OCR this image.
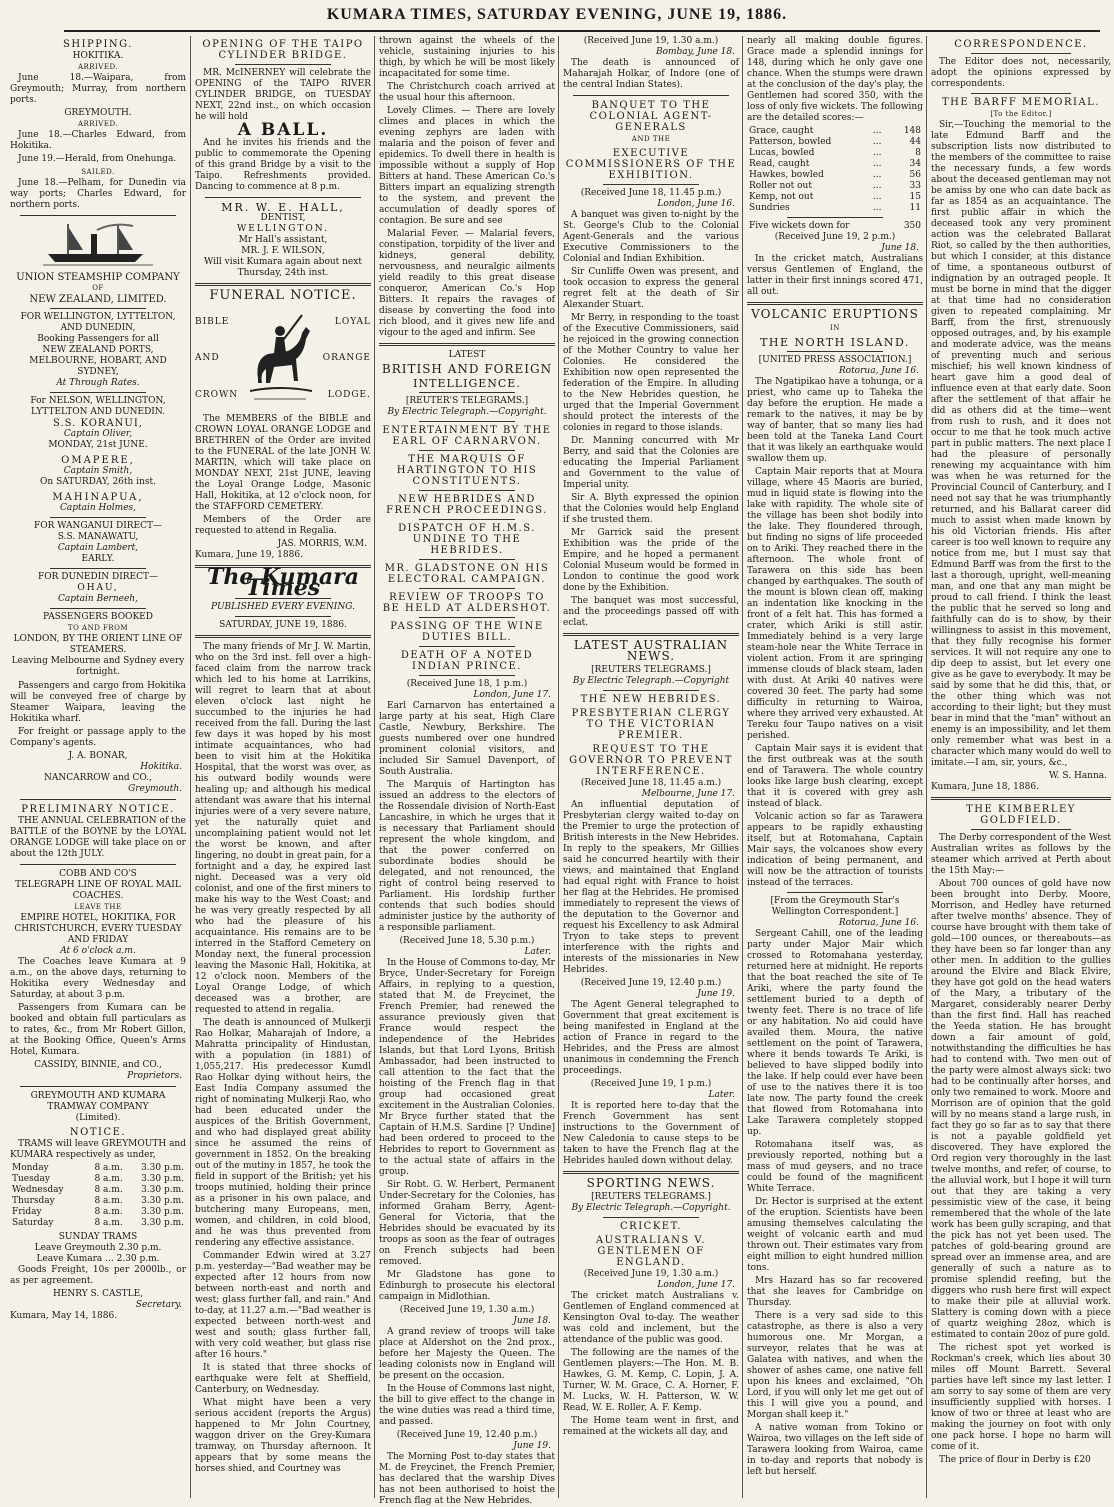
KUMARA TIMES, SATURDAY EVENING, JUNE 19, 1886.
SHIPPING.
HOKITIKA.
ARRIVED.
June 18.—Waipara, from Greymouth; Murray, from northern ports.
GREYMOUTH.
ARRIVED.
June 18.—Charles Edward, from Hokitika.
June 19.—Herald, from Onehunga.
SAILED.
June 18.—Pelham, for Dunedin via way ports; Charles Edward, for northern ports.
UNION STEAMSHIP COMPANY
OF
NEW ZEALAND, LIMITED.
FOR WELLINGTON, LYTTELTON, AND DUNEDIN,
Booking Passengers for all
NEW ZEALAND PORTS, MELBOURNE, HOBART, AND SYDNEY,
At Through Rates.
For NELSON, WELLINGTON, LYTTELTON AND DUNEDIN.
S.S. KORANUI,
Captain Oliver,
MONDAY, 21st JUNE.
OMAPERE,
Captain Smith,
On SATURDAY, 26th inst.
MAHINAPUA,
Captain Holmes,
FOR WANGANUI DIRECT—
S.S. MANAWATU,
Captain Lambert,
EARLY.
FOR DUNEDIN DIRECT—
OHAU,
Captain Berneeh,
PASSENGERS BOOKED
TO AND FROM
LONDON, BY THE ORIENT LINE OF STEAMERS.
Leaving Melbourne and Sydney every fortnight.
Passengers and cargo from Hokitika will be conveyed free of charge by Steamer Waipara, leaving the Hokitika wharf.
For freight or passage apply to the Company's agents.
J. A. BONAR,
Hokitika.
NANCARROW and CO.,
Greymouth.
PRELIMINARY NOTICE.
THE ANNUAL CELEBRATION of the BATTLE of the BOYNE by the LOYAL ORANGE LODGE will take place on or about the 12th JULY.
COBB AND CO'S
TELEGRAPH LINE OF ROYAL MAIL COACHES.
LEAVE THE
EMPIRE HOTEL, HOKITIKA, FOR CHRISTCHURCH, EVERY TUESDAY AND FRIDAY
At 6 o'clock a.m.
The Coaches leave Kumara at 9 a.m., on the above days, returning to Hokitika every Wednesday and Saturday, at about 3 p.m.
Passengers from Kumara can be booked and obtain full particulars as to rates, &c., from Mr Robert Gillon, at the Booking Office, Queen's Arms Hotel, Kumara.
CASSIDY, BINNIE, and CO.,
Proprietors.
GREYMOUTH AND KUMARA TRAMWAY COMPANY
(Limited).
NOTICE.
TRAMS will leave GREYMOUTH and KUMARA respectively as under,
Monday	8 a.m.	3.30 p.m.
Tuesday	8 a.m.	3.30 p.m.
Wednesday	8 a.m.	3.30 p.m.
Thursday	8 a.m.	3.30 p.m.
Friday	8 a.m.	3.30 p.m.
Saturday	8 a.m.	3.30 p.m.
SUNDAY TRAMS
Leave Greymouth 2.30 p.m.
Leave Kumara ... 2.30 p.m.
Goods Freight, 10s per 2000lb., or as per agreement.
HENRY S. CASTLE,
Secretary.
Kumara, May 14, 1886.
OPENING OF THE TAIPO CYLINDER BRIDGE.
MR. McINERNEY will celebrate the OPENING of the TAIPO RIVER CYLINDER BRIDGE, on TUESDAY NEXT, 22nd inst., on which occasion he will hold
A BALL.
And he invites his friends and the public to commemorate the Opening of this grand Bridge by a visit to the Taipo. Refreshments provided. Dancing to commence at 8 p.m.
MR. W. E. HALL,
DENTIST,
WELLINGTON.
Mr Hall's assistant,
MR. J. F. WILSON,
Will visit Kumara again about next Thursday, 24th inst.
FUNERAL NOTICE.
BIBLE
AND
CROWN
LOYAL
ORANGE
LODGE.
The MEMBERS of the BIBLE and CROWN LOYAL ORANGE LODGE and BRETHREN of the Order are invited to the FUNERAL of the late JONH W. MARTIN, which will take place on MONDAY NEXT, 21st JUNE, leaving the Loyal Orange Lodge, Masonic Hall, Hokitika, at 12 o'clock noon, for the STAFFORD CEMETERY.
Members of the Order are requested to attend in Regalia.
JAS. MORRIS, W.M.
Kumara, June 19, 1886.
The Kumara Times
PUBLISHED EVERY EVENING.
SATURDAY, JUNE 19, 1886.
The many friends of Mr J. W. Martin, who on the 3rd inst. fell over a high-faced claim from the narrow track which led to his home at Larrikins, will regret to learn that at about eleven o'clock last night he succumbed to the injuries he had received from the fall. During the last few days it was hoped by his most intimate acquaintances, who had been to visit him at the Hokitika Hospital, that the worst was over, as his outward bodily wounds were healing up; and although his medical attendant was aware that his internal injuries were of a very severe nature, yet the naturally quiet and uncomplaining patient would not let the worst be known, and after lingering, no doubt in great pain, for a fortnight and a day, he expired last night. Deceased was a very old colonist, and one of the first miners to make his way to the West Coast; and he was very greatly respected by all who had the pleasure of his acquaintance. His remains are to be interred in the Stafford Cemetery on Monday next, the funeral procession leaving the Masonic Hall, Hokitika, at 12 o'clock noon. Members of the Loyal Orange Lodge, of which deceased was a brother, are requested to attend in regalia.
The death is announced of Mulkerji Rao Holkar, Maharajah of Indore, a Mahratta principality of Hindustan, with a population (in 1881) of 1,055,217. His predecessor Kumdl Rao Holkar dying without heirs, the East India Company assumed the right of nominating Mulkerji Rao, who had been educated under the auspices of the British Government, and who had displayed great ability since he assumed the reins of government in 1852. On the breaking out of the mutiny in 1857, he took the field in support of the British; yet his troops mutinied, holding their prince as a prisoner in his own palace, and butchering many Europeans, men, women, and children, in cold blood, and he was thus prevented from rendering any effective assistance.
Commander Edwin wired at 3.27 p.m. yesterday—"Bad weather may be expected after 12 hours from now between north-east and north and west; glass further fall, and rain." And to-day, at 11.27 a.m.—"Bad weather is expected between north-west and west and south; glass further fall, with very cold weather, but glass rise after 16 hours."
It is stated that three shocks of earthquake were felt at Sheffield, Canterbury, on Wednesday.
What might have been a very serious accident (reports the Argus) happened to Mr John Courtney, waggon driver on the Grey-Kumara tramway, on Thursday afternoon. It appears that by some means the horses shied, and Courtney was
thrown against the wheels of the vehicle, sustaining injuries to his thigh, by which he will be most likely incapacitated for some time.
The Christchurch coach arrived at the usual hour this afternoon.
Lovely Climes. — There are lovely climes and places in which the evening zephyrs are laden with malaria and the poison of fever and epidemics. To dwell there in health is impossible without a supply of Hop Bitters at hand. These American Co.'s Bitters impart an equalizing strength to the system, and prevent the accumulation of deadly spores of contagion. Be sure and see
Malarial Fever. — Malarial fevers, constipation, torpidity of the liver and kidneys, general debility, nervousness, and neuralgic ailments yield readily to this great disease conqueror, American Co.'s Hop Bitters. It repairs the ravages of disease by converting the food into rich blood, and it gives new life and vigour to the aged and infirm. See
LATEST
BRITISH AND FOREIGN
INTELLIGENCE.
[REUTER'S TELEGRAMS.]
By Electric Telegraph.—Copyright.
ENTERTAINMENT BY THE EARL OF CARNARVON.
THE MARQUIS OF HARTINGTON TO HIS CONSTITUENTS.
NEW HEBRIDES AND FRENCH PROCEEDINGS.
DISPATCH OF H.M.S. UNDINE TO THE HEBRIDES.
MR. GLADSTONE ON HIS ELECTORAL CAMPAIGN.
REVIEW OF TROOPS TO BE HELD AT ALDERSHOT.
PASSING OF THE WINE DUTIES BILL.
DEATH OF A NOTED INDIAN PRINCE.
(Received June 18, 1 p.m.)
London, June 17.
Earl Carnarvon has entertained a large party at his seat, High Clare Castle, Newbury, Berkshire. The guests numbered over one hundred prominent colonial visitors, and included Sir Samuel Davenport, of South Australia.
The Marquis of Hartington has issued an address to the electors of the Rossendale division of North-East Lancashire, in which he urges that it is necessary that Parliament should represent the whole kingdom, and that the power conferred on subordinate bodies should be delegated, and not renounced, the right of control being reserved to Parliament. His lordship further contends that such bodies should administer justice by the authority of a responsible parliament.
(Received June 18, 5.30 p.m.)
Later.
In the House of Commons to-day, Mr Bryce, Under-Secretary for Foreign Affairs, in replying to a question, stated that M. de Freycinet, the French Premier, had renewed the assurance previously given that France would respect the independence of the Hebrides Islands, but that Lord Lyons, British Ambassador, had been instructed to call attention to the fact that the hoisting of the French flag in that group had occasioned great excitement in the Australian Colonies. Mr Bryce further stated that the Captain of H.M.S. Sardine [? Undine] had been ordered to proceed to the Hebrides to report to Government as to the actual state of affairs in the group.
Sir Robt. G. W. Herbert, Permanent Under-Secretary for the Colonies, has informed Graham Berry, Agent-General for Victoria, that the Hebrides should be evacuated by its troops as soon as the fear of outrages on French subjects had been removed.
Mr Gladstone has gone to Edinburgh to prosecute his electoral campaign in Midlothian.
(Received June 19, 1.30 a.m.)
June 18.
A grand review of troops will take place at Aldershot on the 2nd prox., before her Majesty the Queen. The leading colonists now in England will be present on the occasion.
In the House of Commons last night, the bill to give effect to the change in the wine duties was read a third time, and passed.
(Received June 19, 12.40 p.m.)
June 19.
The Morning Post to-day states that M. de Freycinet, the French Premier, has declared that the warship Dives has not been authorised to hoist the French flag at the New Hebrides.
(Received June 19, 1.30 a.m.)
Bombay, June 18.
The death is announced of Maharajah Holkar, of Indore (one of the central Indian States).
BANQUET TO THE COLONIAL AGENT-GENERALS
AND THE
EXECUTIVE COMMISSIONERS OF THE EXHIBITION.
(Received June 18, 11.45 p.m.)
London, June 16.
A banquet was given to-night by the St. George's Club to the Colonial Agent-Generals and the various Executive Commissioners to the Colonial and Indian Exhibition.
Sir Cunliffe Owen was present, and took occasion to express the general regret felt at the death of Sir Alexander Stuart.
Mr Berry, in responding to the toast of the Executive Commissioners, said he rejoiced in the growing connection of the Mother Country to value her Colonies. He considered the Exhibition now open represented the federation of the Empire. In alluding to the New Hebrides question, he urged that the Imperial Government should protect the interests of the colonies in regard to those islands.
Dr. Manning concurred with Mr Berry, and said that the Colonies are educating the Imperial Parliament and Government to the value of Imperial unity.
Sir A. Blyth expressed the opinion that the Colonies would help England if she trusted them.
Mr Garrick said the present Exhibition was the pride of the Empire, and he hoped a permanent Colonial Museum would be formed in London to continue the good work done by the Exhibition.
The banquet was most successful, and the proceedings passed off with eclat.
LATEST AUSTRALIAN NEWS.
[REUTERS TELEGRAMS.]
By Electric Telegraph.—Copyright
THE NEW HEBRIDES.
PRESBYTERIAN CLERGY TO THE VICTORIAN PREMIER.
REQUEST TO THE GOVERNOR TO PREVENT INTERFERENCE.
(Received June 18, 11.45 a.m.)
Melbourne, June 17.
An influential deputation of Presbyterian clergy waited to-day on the Premier to urge the protection of British interests in the New Hebrides. In reply to the speakers, Mr Gillies said he concurred heartily with their views, and maintained that England had equal right with France to hoist her flag at the Hebrides. He promised immediately to represent the views of the deputation to the Governor and request his Excellency to ask Admiral Tryon to take steps to prevent interference with the rights and interests of the missionaries in New Hebrides.
(Received June 19, 12.40 p.m.)
June 19.
The Agent General telegraphed to Government that great excitement is being manifested in England at the action of France in regard to the Hebrides, and the Press are almost unanimous in condemning the French proceedings.
(Received June 19, 1 p.m.)
Later.
It is reported here to-day that the French Government has sent instructions to the Government of New Caledonia to cause steps to be taken to have the French flag at the Hebrides hauled down without delay.
SPORTING NEWS.
[REUTERS TELEGRAMS.]
By Electric Telegraph.—Copyright.
CRICKET.
AUSTRALIANS V. GENTLEMEN OF ENGLAND.
(Received June 19, 1.30 a.m.)
London, June 17.
The cricket match Australians v. Gentlemen of England commenced at Kensington Oval to-day. The weather was cold and inclement, but the attendance of the public was good.
The following are the names of the Gentlemen players:—The Hon. M. B. Hawkes, G. M. Kemp, C. Lopin, J. A. Turner, W. M. Grace, C. A. Horner, F. M. Lucks, W. H. Patterson, W. W. Read, W. E. Roller, A. F. Kemp.
The Home team went in first, and remained at the wickets all day, and
nearly all making double figures. Grace made a splendid innings for 148, during which he only gave one chance. When the stumps were drawn at the conclusion of the day's play, the Gentlemen had scored 350, with the loss of only five wickets. The following are the detailed scores:—
Grace, caught	...	148
Patterson, bowled	...	44
Lucas, bowled	...	8
Read, caught	...	34
Hawkes, bowled	...	56
Roller not out	...	33
Kemp, not out	...	15
Sundries	...	11
Five wickets down for	350
(Received June 19, 2 p.m.)
June 18.
In the cricket match, Australians versus Gentlemen of England, the latter in their first innings scored 471, all out.
VOLCANIC ERUPTIONS
IN
THE NORTH ISLAND.
[UNITED PRESS ASSOCIATION.]
Rotorua, June 16.
The Ngatipikao have a tohunga, or a priest, who came up to Taheka the day before the eruption. He made a remark to the natives, it may be by way of banter, that so many lies had been told at the Taneka Land Court that it was likely an earthquake would swallow them up.
Captain Mair reports that at Moura village, where 45 Maoris are buried, mud in liquid state is flowing into the lake with rapidity. The whole site of the village has been shot bodily into the lake. They floundered through, but finding no signs of life proceeded on to Ariki. They reached there in the afternoon. The whole front of Tarawera on this side has been changed by earthquakes. The south of the mount is blown clean off, making an indentation like knocking in the front of a felt hat. This has formed a crater, which Ariki is still astir. Immediately behind is a very large steam-hole near the White Terrace in violent action. From it are springing immense clouds of black steam, laden with dust. At Ariki 40 natives were covered 30 feet. The party had some difficulty in returning to Wairoa, where they arrived very exhausted. At Tereku four Taupo natives on a visit perished.
Captain Mair says it is evident that the first outbreak was at the south end of Tarawera. The whole country looks like large bush clearing, except that it is covered with grey ash instead of black.
Volcanic action so far as Tarawera appears to be rapidly exhausting itself, but at Rotomahana, Captain Mair says, the volcanoes show every indication of being permanent, and will now be the attraction of tourists instead of the terraces.
[From the Greymouth Star's Wellington Correspondent.]
Rotorua, June 16.
Sergeant Cahill, one of the leading party under Major Mair which crossed to Rotomahana yesterday, returned here at midnight. He reports that the boat reached the site of Te Ariki, where the party found the settlement buried to a depth of twenty feet. There is no trace of life or any habitation. No aid could have availed them. Moura, the native settlement on the point of Tarawera, where it bends towards Te Ariki, is believed to have slipped bodily into the lake. If help could ever have been of use to the natives there it is too late now. The party found the creek that flowed from Rotomahana into Lake Tarawera completely stopped up.
Rotomahana itself was, as previously reported, nothing but a mass of mud geysers, and no trace could be found of the magnificent White Terrace.
Dr. Hector is surprised at the extent of the eruption. Scientists have been amusing themselves calculating the weight of volcanic earth and mud thrown out. Their estimates vary from eight million to eight hundred million tons.
Mrs Hazard has so far recovered that she leaves for Cambridge on Thursday.
There is a very sad side to this catastrophe, as there is also a very humorous one. Mr Morgan, a surveyor, relates that he was at Galatea with natives, and when the shower of ashes came, one native fell upon his knees and exclaimed, "Oh Lord, if you will only let me get out of this I will give you a pound, and Morgan shall keep it."
A native woman from Tokino or Wairoa, two villages on the left side of Tarawera looking from Wairoa, came in to-day and reports that nobody is left but herself.
CORRESPONDENCE.
The Editor does not, necessarily, adopt the opinions expressed by correspondents.
THE BARFF MEMORIAL.
[To the Editor.]
Sir,—Touching the memorial to the late Edmund Barff and the subscription lists now distributed to the members of the committee to raise the necessary funds, a few words about the deceased gentleman may not be amiss by one who can date back as far as 1854 as an acquaintance. The first public affair in which the deceased took any very prominent action was the celebrated Ballarat Riot, so called by the then authorities, but which I consider, at this distance of time, a spontaneous outburst of indignation by an outraged people. It must be borne in mind that the digger at that time had no consideration given to repeated complaining. Mr Barff, from the first, strenuously opposed outrages, and, by his example and moderate advice, was the means of preventing much and serious mischief; his well known kindness of heart gave him a good deal of influence even at that early date. Soon after the settlement of that affair he did as others did at the time—went from rush to rush, and it does not occur to me that he took much active part in public matters. The next place I had the pleasure of personally renewing my acquaintance with him was when he was returned for the Provincial Council of Canterbury, and I need not say that he was triumphantly returned, and his Ballarat career did much to assist when made known by his old Victorian friends. His after career is too well known to require any notice from me, but I must say that Edmund Barff was from the first to the last a thorough, upright, well-meaning man, and one that any man might be proud to call friend. I think the least the public that he served so long and faithfully can do is to show, by their willingness to assist in this movement, that they fully recognise his former services. It will not require any one to dip deep to assist, but let every one give as he gave to everybody. It may be said by some that he did this, that, or the other thing which was not according to their light; but they must bear in mind that the "man" without an enemy is an impossibility, and let them only remember what was best in a character which many would do well to imitate.—I am, sir, yours, &c.,
W. S. Hanna.
Kumara, June 18, 1886.
THE KIMBERLEY GOLDFIELD.
The Derby correspondent of the West Australian writes as follows by the steamer which arrived at Perth about the 15th May:—
About 700 ounces of gold have now been brought into Derby. Moore, Morrison, and Hedley have returned after twelve months' absence. They of course have brought with them take of gold—100 ounces, or thereabouts—as they have been so far longer than any other men. In addition to the gullies around the Elvire and Black Elvire, they have got gold on the head waters of the Mary, a tributary of the Margaret, considerably nearer Derby than the first find. Hall has reached the Yeeda station. He has brought down a fair amount of gold, notwithstanding the difficulties he has had to contend with. Two men out of the party were almost always sick: two had to be continually after horses, and only two remained to work. Moore and Morrison are of opinion that the gold will by no means stand a large rush, in fact they go so far as to say that there is not a payable goldfield yet discovered. They have explored the Ord region very thoroughly in the last twelve months, and refer, of course, to the alluvial work, but I hope it will turn out that they are taking a very pessimistic view of the case, it being remembered that the whole of the late work has been gully scraping, and that the pick has not yet been used. The patches of gold-bearing ground are spread over an immense area, and are generally of such a nature as to promise splendid reefing, but the diggers who rush here first will expect to make their pile at alluvial work. Slattery is coming down with a piece of quartz weighing 28oz, which is estimated to contain 20oz of pure gold.
The richest spot yet worked is Rockman's creek, which lies about 30 miles off Mount Barrett. Several parties have left since my last letter. I am sorry to say some of them are very insufficiently supplied with horses. I know of two or three at least who are making the journey on foot with only one pack horse. I hope no harm will come of it.
The price of flour in Derby is £20
